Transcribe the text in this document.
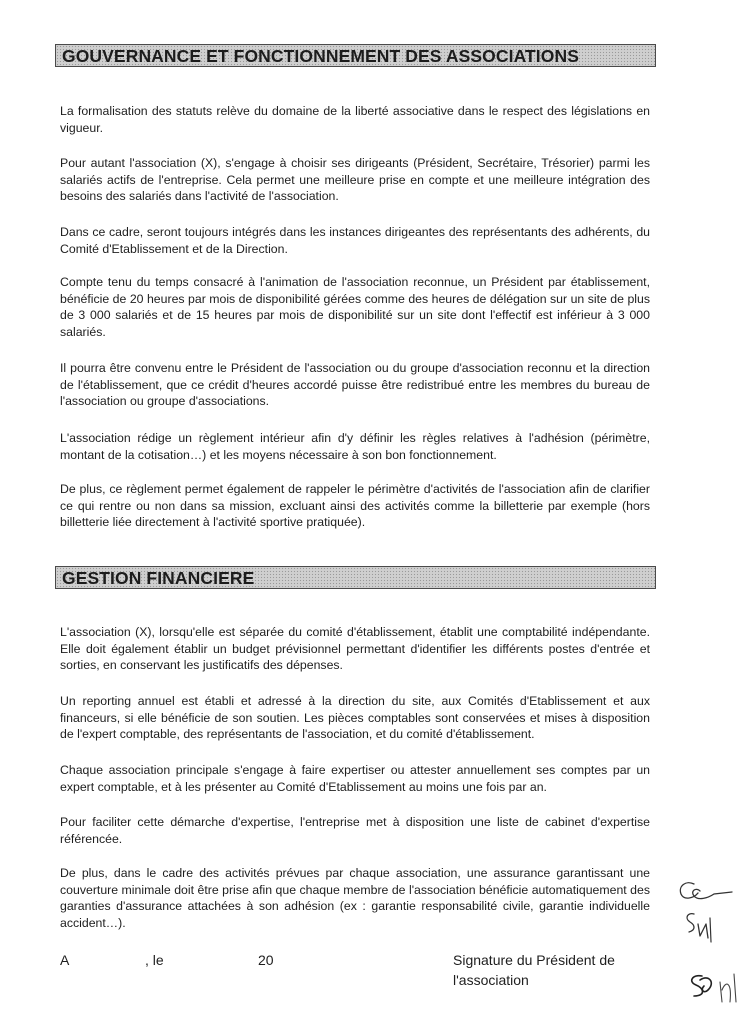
GOUVERNANCE ET FONCTIONNEMENT DES ASSOCIATIONS

La formalisation des statuts relève du domaine de la liberté associative dans le respect des législations en vigueur.

Pour autant l'association (X), s'engage à choisir ses dirigeants (Président, Secrétaire, Trésorier) parmi les salariés actifs de l'entreprise. Cela permet une meilleure prise en compte et une meilleure intégration des besoins des salariés dans l'activité de l'association.

Dans ce cadre, seront toujours intégrés dans les instances dirigeantes des représentants des adhérents, du Comité d'Etablissement et de la Direction.

Compte tenu du temps consacré à l'animation de l'association reconnue, un Président par établissement, bénéficie de 20 heures par mois de disponibilité gérées comme des heures de délégation sur un site de plus de 3 000 salariés et de 15 heures par mois de disponibilité sur un site dont l'effectif est inférieur à 3 000 salariés.

Il pourra être convenu entre le Président de l'association ou du groupe d'association reconnu et la direction de l'établissement, que ce crédit d'heures accordé puisse être redistribué entre les membres du bureau de l'association ou groupe d'associations.

L'association rédige un règlement intérieur afin d'y définir les règles relatives à l'adhésion (périmètre, montant de la cotisation…) et les moyens nécessaire à son bon fonctionnement.

De plus, ce règlement permet également de rappeler le périmètre d'activités de l'association afin de clarifier ce qui rentre ou non dans sa mission, excluant ainsi des activités comme la billetterie par exemple (hors billetterie liée directement à l'activité sportive pratiquée).

GESTION FINANCIERE

L'association (X), lorsqu'elle est séparée du comité d'établissement, établit une comptabilité indépendante. Elle doit également établir un budget prévisionnel permettant d'identifier les différents postes d'entrée et sorties, en conservant les justificatifs des dépenses.

Un reporting annuel est établi et adressé à la direction du site, aux Comités d'Etablissement et aux financeurs, si elle bénéficie de son soutien. Les pièces comptables sont conservées et mises à disposition de l'expert comptable, des représentants de l'association, et du comité d'établissement.

Chaque association principale s'engage à faire expertiser ou attester annuellement ses comptes par un expert comptable, et à les présenter au Comité d'Etablissement au moins une fois par an.

Pour faciliter cette démarche d'expertise, l'entreprise met à disposition une liste de cabinet d'expertise référencée.

De plus, dans le cadre des activités prévues par chaque association, une assurance garantissant une couverture minimale doit être prise afin que chaque membre de l'association bénéficie automatiquement des garanties d'assurance attachées à son adhésion (ex : garantie responsabilité civile, garantie individuelle accident…).

A	, le	20	Signature du Président de l'association
